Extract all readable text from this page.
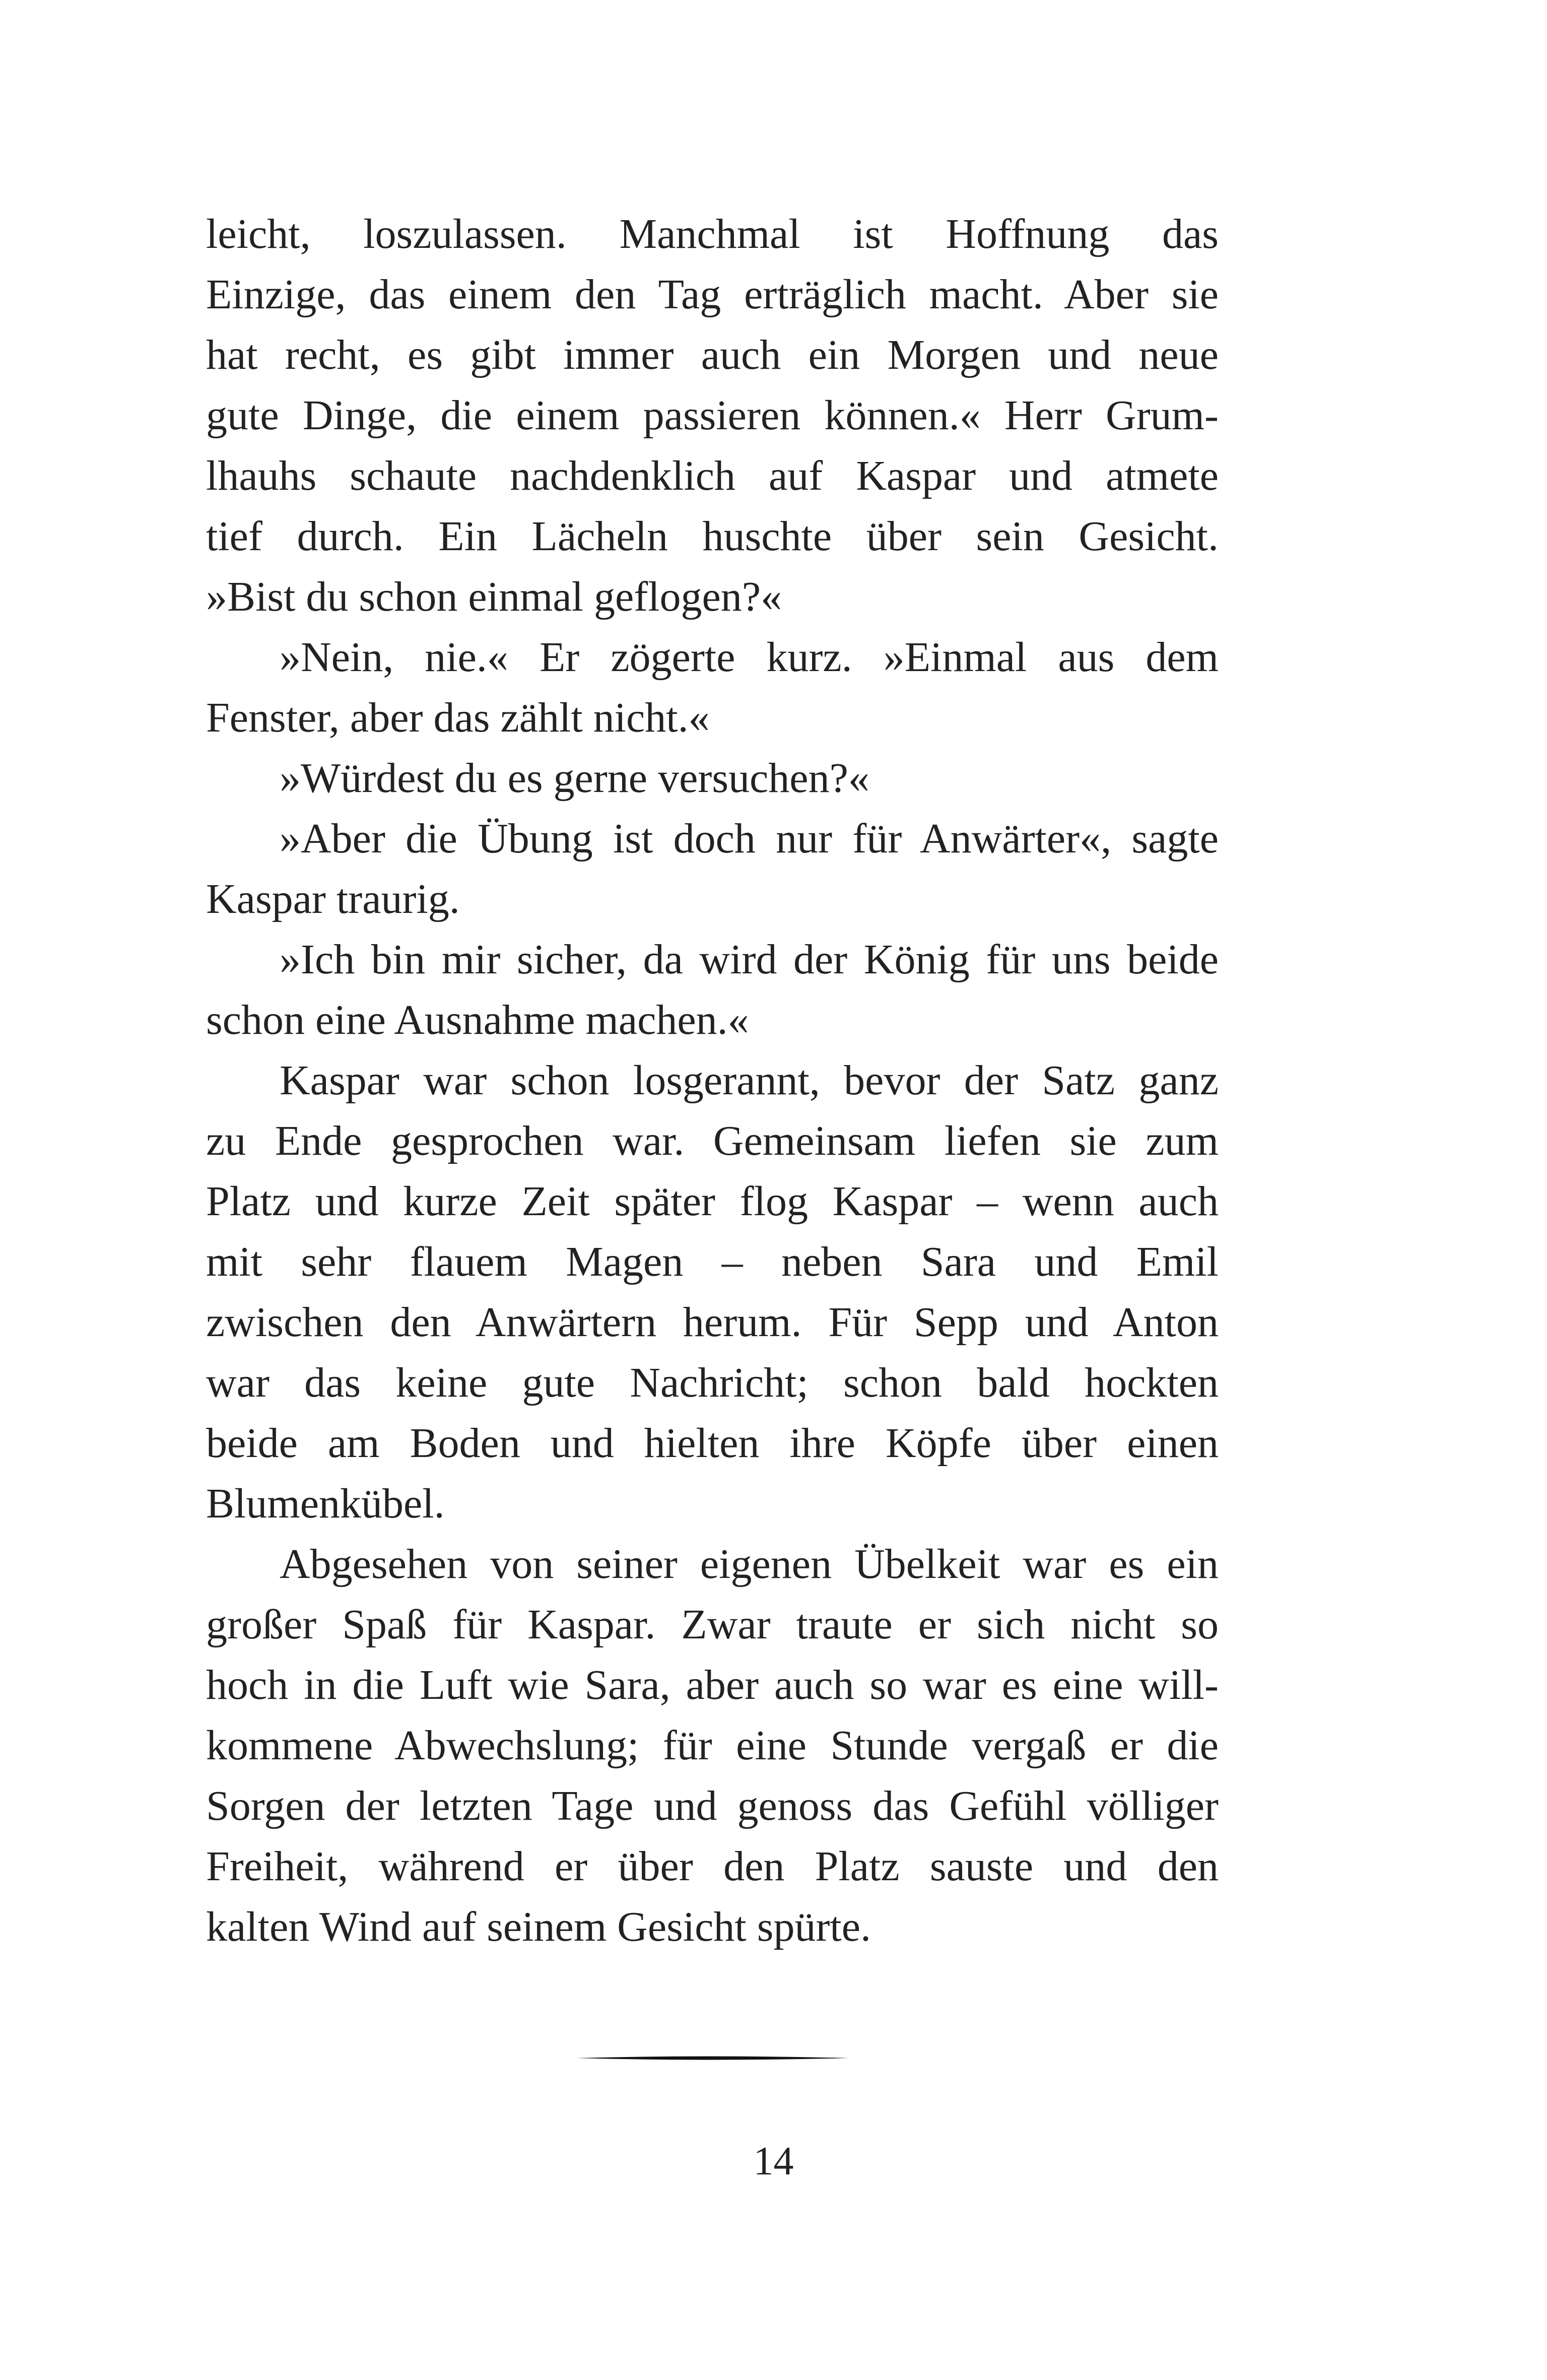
leicht, loszulassen. Manchmal ist Hoffnung das
Einzige, das einem den Tag erträglich macht. Aber sie
hat recht, es gibt immer auch ein Morgen und neue
gute Dinge, die einem passieren können.« Herr Grum-
lhauhs schaute nachdenklich auf Kaspar und atmete
tief durch. Ein Lächeln huschte über sein Gesicht.
»Bist du schon einmal geflogen?«
»Nein, nie.« Er zögerte kurz. »Einmal aus dem
Fenster, aber das zählt nicht.«
»Würdest du es gerne versuchen?«
»Aber die Übung ist doch nur für Anwärter«, sagte
Kaspar traurig.
»Ich bin mir sicher, da wird der König für uns beide
schon eine Ausnahme machen.«
Kaspar war schon losgerannt, bevor der Satz ganz
zu Ende gesprochen war. Gemeinsam liefen sie zum
Platz und kurze Zeit später flog Kaspar – wenn auch
mit sehr flauem Magen – neben Sara und Emil
zwischen den Anwärtern herum. Für Sepp und Anton
war das keine gute Nachricht; schon bald hockten
beide am Boden und hielten ihre Köpfe über einen
Blumenkübel.
Abgesehen von seiner eigenen Übelkeit war es ein
großer Spaß für Kaspar. Zwar traute er sich nicht so
hoch in die Luft wie Sara, aber auch so war es eine will-
kommene Abwechslung; für eine Stunde vergaß er die
Sorgen der letzten Tage und genoss das Gefühl völliger
Freiheit, während er über den Platz sauste und den
kalten Wind auf seinem Gesicht spürte.
14
